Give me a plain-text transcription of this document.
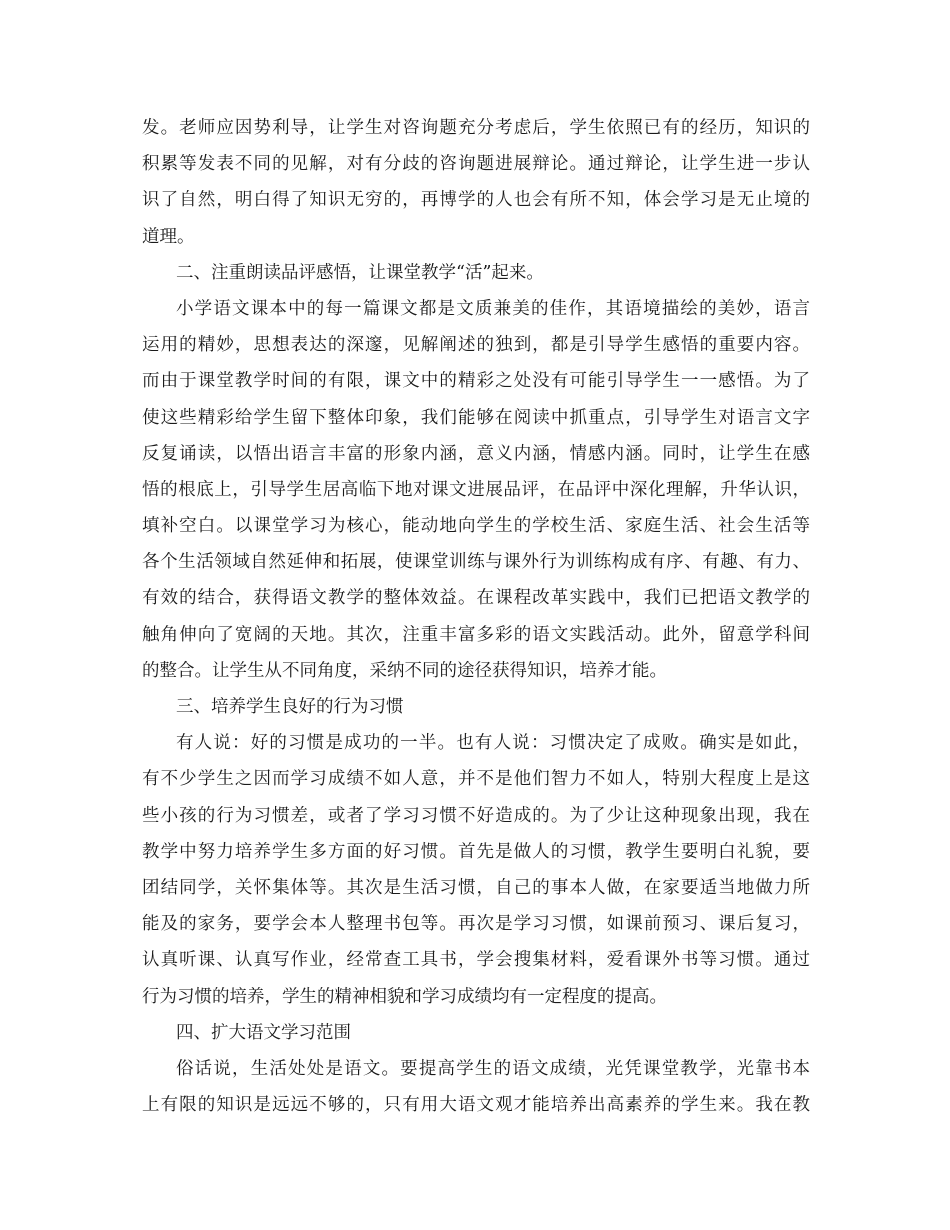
发。老师应因势利导，让学生对咨询题充分考虑后，学生依照已有的经历，知识的
积累等发表不同的见解，对有分歧的咨询题进展辩论。通过辩论，让学生进一步认
识了自然，明白得了知识无穷的，再博学的人也会有所不知，体会学习是无止境的
道理。
二、注重朗读品评感悟，让课堂教学“活”起来。
小学语文课本中的每一篇课文都是文质兼美的佳作，其语境描绘的美妙，语言
运用的精妙，思想表达的深邃，见解阐述的独到，都是引导学生感悟的重要内容。
而由于课堂教学时间的有限，课文中的精彩之处没有可能引导学生一一感悟。为了
使这些精彩给学生留下整体印象，我们能够在阅读中抓重点，引导学生对语言文字
反复诵读，以悟出语言丰富的形象内涵，意义内涵，情感内涵。同时，让学生在感
悟的根底上，引导学生居高临下地对课文进展品评，在品评中深化理解，升华认识，
填补空白。以课堂学习为核心，能动地向学生的学校生活、家庭生活、社会生活等
各个生活领域自然延伸和拓展，使课堂训练与课外行为训练构成有序、有趣、有力、
有效的结合，获得语文教学的整体效益。在课程改革实践中，我们已把语文教学的
触角伸向了宽阔的天地。其次，注重丰富多彩的语文实践活动。此外，留意学科间
的整合。让学生从不同角度，采纳不同的途径获得知识，培养才能。
三、培养学生良好的行为习惯
有人说：好的习惯是成功的一半。也有人说：习惯决定了成败。确实是如此，
有不少学生之因而学习成绩不如人意，并不是他们智力不如人，特别大程度上是这
些小孩的行为习惯差，或者了学习习惯不好造成的。为了少让这种现象出现，我在
教学中努力培养学生多方面的好习惯。首先是做人的习惯，教学生要明白礼貌，要
团结同学，关怀集体等。其次是生活习惯，自己的事本人做，在家要适当地做力所
能及的家务，要学会本人整理书包等。再次是学习习惯，如课前预习、课后复习，
认真听课、认真写作业，经常查工具书，学会搜集材料，爱看课外书等习惯。通过
行为习惯的培养，学生的精神相貌和学习成绩均有一定程度的提高。
四、扩大语文学习范围
俗话说，生活处处是语文。要提高学生的语文成绩，光凭课堂教学，光靠书本
上有限的知识是远远不够的，只有用大语文观才能培养出高素养的学生来。我在教
